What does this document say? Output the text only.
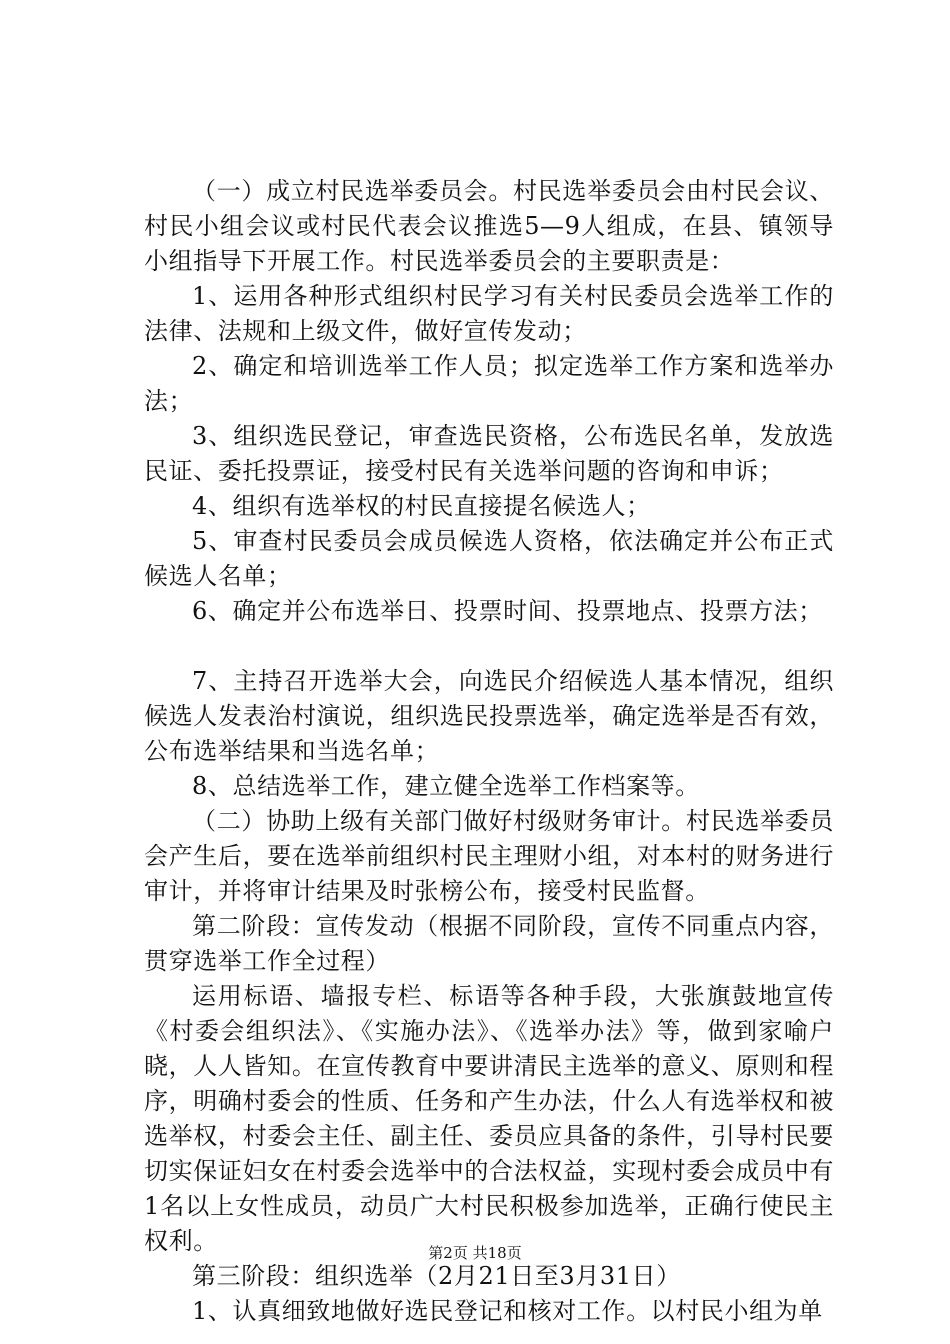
（一）成立村民选举委员会。村民选举委员会由村民会议、村民小组会议或村民代表会议推选5—9人组成，在县、镇领导小组指导下开展工作。村民选举委员会的主要职责是：

1、运用各种形式组织村民学习有关村民委员会选举工作的法律、法规和上级文件，做好宣传发动；

2、确定和培训选举工作人员；拟定选举工作方案和选举办法；

3、组织选民登记，审查选民资格，公布选民名单，发放选民证、委托投票证，接受村民有关选举问题的咨询和申诉；

4、组织有选举权的村民直接提名候选人；

5、审查村民委员会成员候选人资格，依法确定并公布正式候选人名单；

6、确定并公布选举日、投票时间、投票地点、投票方法；

7、主持召开选举大会，向选民介绍候选人基本情况，组织候选人发表治村演说，组织选民投票选举，确定选举是否有效，公布选举结果和当选名单；

8、总结选举工作，建立健全选举工作档案等。

（二）协助上级有关部门做好村级财务审计。村民选举委员会产生后，要在选举前组织村民主理财小组，对本村的财务进行审计，并将审计结果及时张榜公布，接受村民监督。

第二阶段：宣传发动（根据不同阶段，宣传不同重点内容，贯穿选举工作全过程）

运用标语、墙报专栏、标语等各种手段，大张旗鼓地宣传《村委会组织法》、《实施办法》、《选举办法》等，做到家喻户晓，人人皆知。在宣传教育中要讲清民主选举的意义、原则和程序，明确村委会的性质、任务和产生办法，什么人有选举权和被选举权，村委会主任、副主任、委员应具备的条件，引导村民要切实保证妇女在村委会选举中的合法权益，实现村委会成员中有1名以上女性成员，动员广大村民积极参加选举，正确行使民主权利。

第三阶段：组织选举（2月21日至3月31日）

1、认真细致地做好选民登记和核对工作。以村民小组为单

第2页 共18页
